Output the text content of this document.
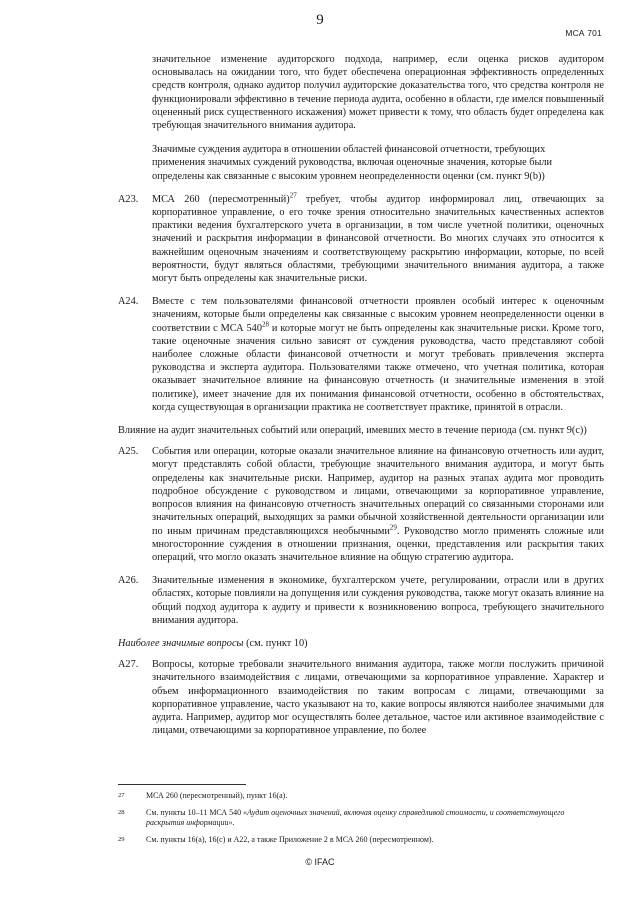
9
МСА 701

значительное изменение аудиторского подхода, например, если оценка рисков аудитором основывалась на ожидании того, что будет обеспечена операционная эффективность определенных средств контроля, однако аудитор получил аудиторские доказательства того, что средства контроля не функционировали эффективно в течение периода аудита, особенно в области, где имелся повышенный оцененный риск существенного искажения) может привести к тому, что область будет определена как требующая значительного внимания аудитора.

Значимые суждения аудитора в отношении областей финансовой отчетности, требующих применения значимых суждений руководства, включая оценочные значения, которые были определены как связанные с высоким уровнем неопределенности оценки (см. пункт 9(b))

A23.	МСА 260 (пересмотренный)$^{27}$ требует, чтобы аудитор информировал лиц, отвечающих за корпоративное управление, о его точке зрения относительно значительных качественных аспектов практики ведения бухгалтерского учета в организации, в том числе учетной политики, оценочных значений и раскрытия информации в финансовой отчетности. Во многих случаях это относится к важнейшим оценочным значениям и соответствующему раскрытию информации, которые, по всей вероятности, будут являться областями, требующими значительного внимания аудитора, а также могут быть определены как значительные риски.
A24.	Вместе с тем пользователями финансовой отчетности проявлен особый интерес к оценочным значениям, которые были определены как связанные с высоким уровнем неопределенности оценки в соответствии с МСА $540^{28}$ и которые могут не быть определены как значительные риски. Кроме того, такие оценочные значения сильно зависят от суждения руководства, часто представляют собой наиболее сложные области финансовой отчетности и могут требовать привлечения эксперта руководства и эксперта аудитора. Пользователями также отмечено, что учетная политика, которая оказывает значительное влияние на финансовую отчетность (и значительные изменения в этой политике), имеет значение для их понимания финансовой отчетности, особенно в обстоятельствах, когда существующая в организации практика не соответствует практике, принятой в отрасли.

Влияние на аудит значительных событий или операций, имевших место в течение периода (см. пункт 9(c))

A25.	События или операции, которые оказали значительное влияние на финансовую отчетность или аудит, могут представлять собой области, требующие значительного внимания аудитора, и могут быть определены как значительные риски. Например, аудитор на разных этапах аудита мог проводить подробное обсуждение с руководством и лицами, отвечающими за корпоративное управление, вопросов влияния на финансовую отчетность значительных операций со связанными сторонами или значительных операций, выходящих за рамки обычной хозяйственной деятельности организации или по иным причинам представляющихся необычными$^{29}$. Руководство могло применять сложные или многосторонние суждения в отношении признания, оценки, представления или раскрытия таких операций, что могло оказать значительное влияние на общую стратегию аудитора.
A26.	Значительные изменения в экономике, бухгалтерском учете, регулировании, отрасли или в других областях, которые повлияли на допущения или суждения руководства, также могут оказать влияние на общий подход аудитора к аудиту и привести к возникновению вопроса, требующего значительного внимания аудитора.

Наиболее значимые вопросы (см. пункт 10)

A27.	Вопросы, которые требовали значительного внимания аудитора, также могли послужить причиной значительного взаимодействия с лицами, отвечающими за корпоративное управление. Характер и объем информационного взаимодействия по таким вопросам с лицами, отвечающими за корпоративное управление, часто указывают на то, какие вопросы являются наиболее значимыми для аудита. Например, аудитор мог осуществлять более детальное, частое или активное взаимодействие с лицами, отвечающими за корпоративное управление, по более
27	МСА 260 (пересмотренный), пункт 16(a).
28	См. пункты 10–11 МСА 540 «Аудит оценочных значений, включая оценку справедливой стоимости, и соответствующего раскрытия информации».
29	См. пункты 16(a), 16(c) и A22, а также Приложение 2 в МСА 260 (пересмотренном).
© IFAC
